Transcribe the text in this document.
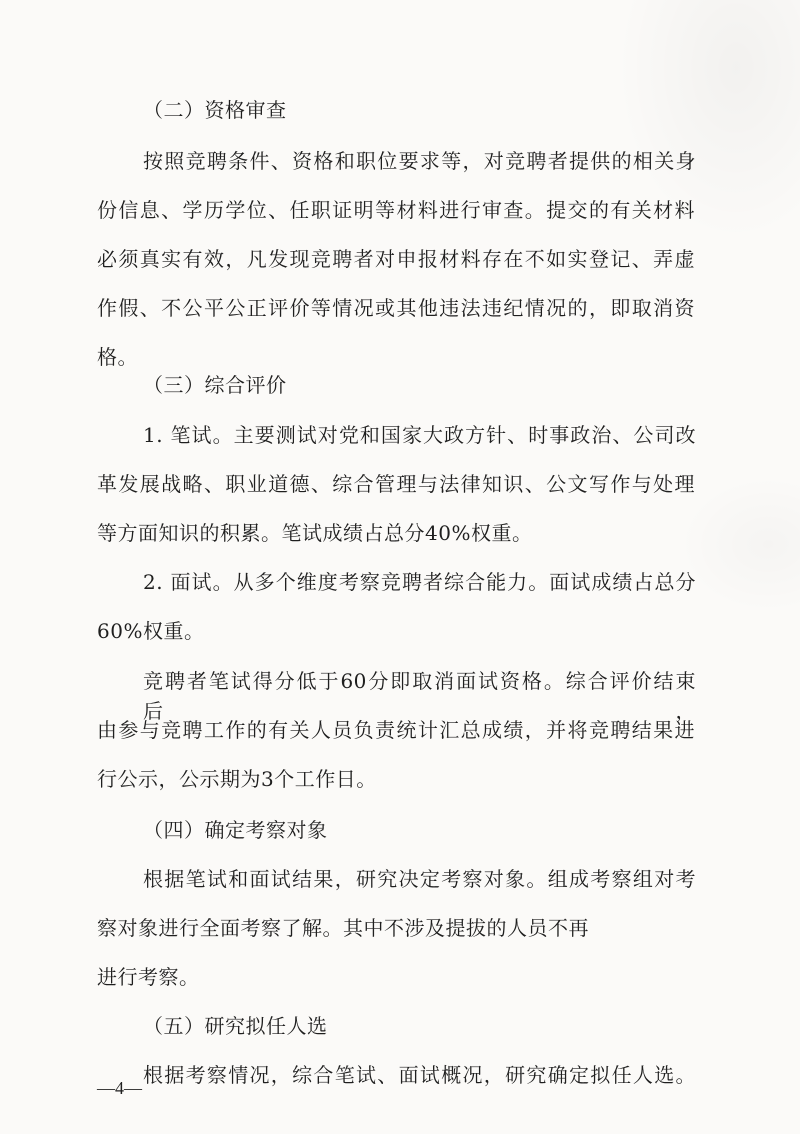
（二）资格审查

按照竞聘条件、资格和职位要求等，对竞聘者提供的相关身

份信息、学历学位、任职证明等材料进行审查。提交的有关材料

必须真实有效，凡发现竞聘者对申报材料存在不如实登记、弄虚

作假、不公平公正评价等情况或其他违法违纪情况的，即取消资

格。

（三）综合评价

1. 笔试。主要测试对党和国家大政方针、时事政治、公司改

革发展战略、职业道德、综合管理与法律知识、公文写作与处理

等方面知识的积累。笔试成绩占总分40%权重。

2. 面试。从多个维度考察竞聘者综合能力。面试成绩占总分

60%权重。

竞聘者笔试得分低于60分即取消面试资格。综合评价结束后，

由参与竞聘工作的有关人员负责统计汇总成绩，并将竞聘结果进

行公示，公示期为3个工作日。

（四）确定考察对象

根据笔试和面试结果，研究决定考察对象。组成考察组对考

察对象进行全面考察了解。其中不涉及提拔的人员不再

进行考察。

（五）研究拟任人选

根据考察情况，综合笔试、面试概况，研究确定拟任人选。

—4—
